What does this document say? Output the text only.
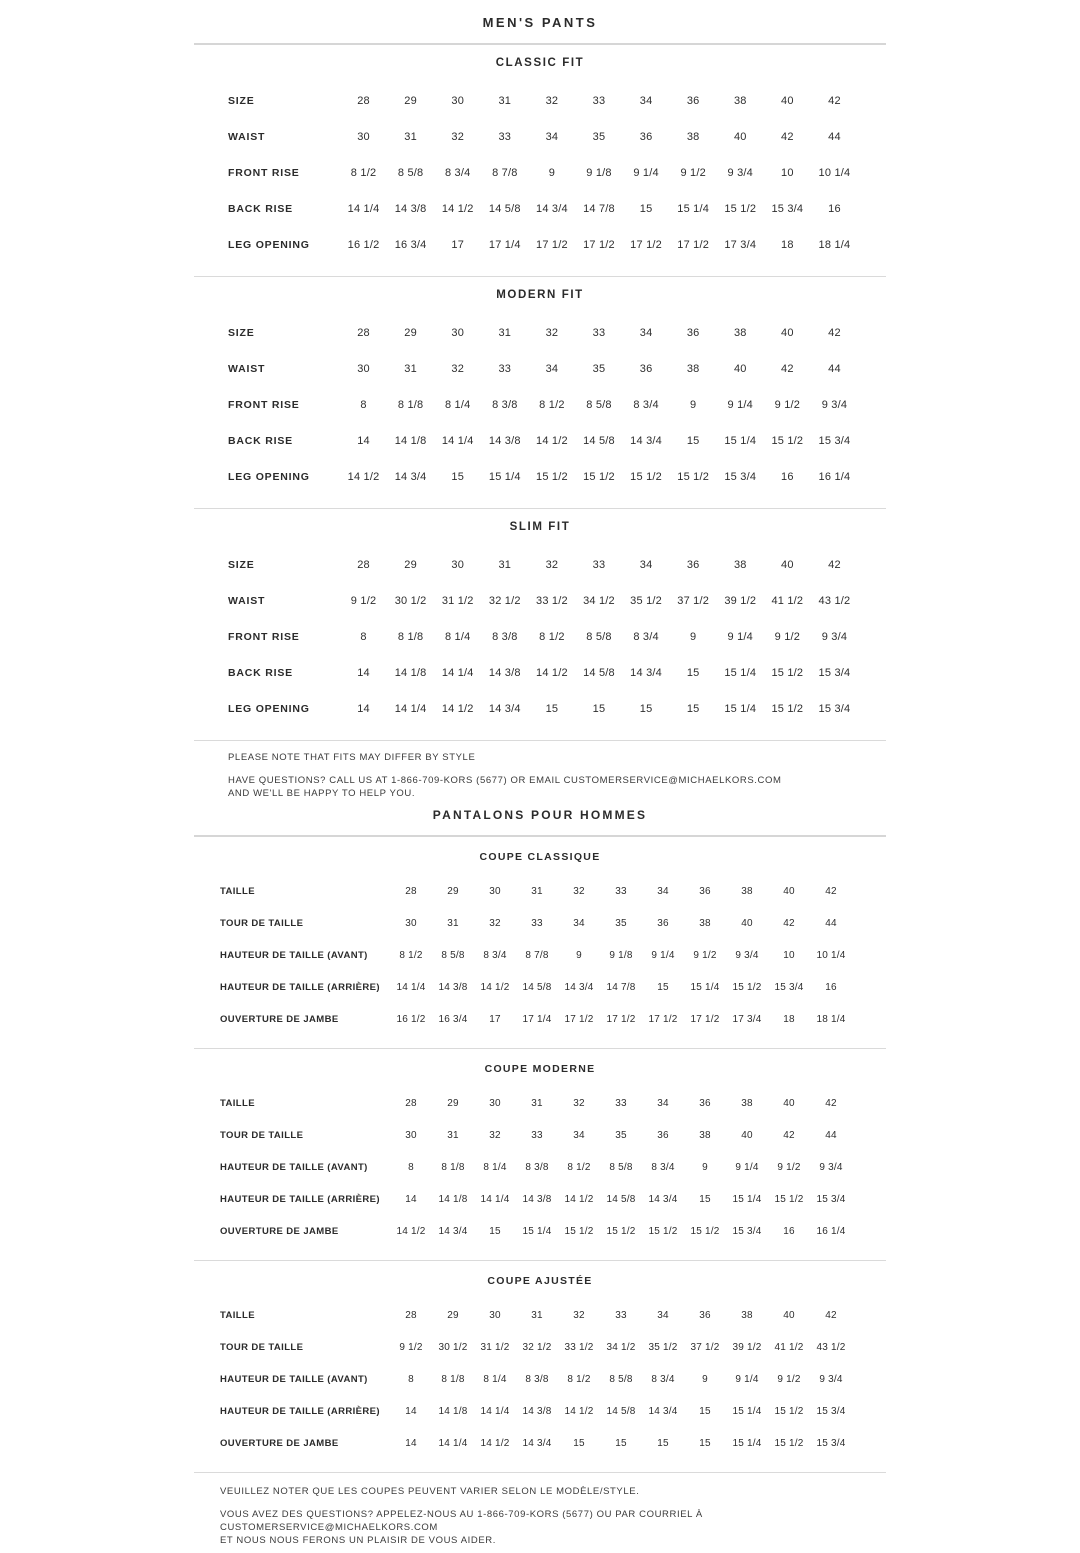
MEN'S PANTS
CLASSIC FIT
SIZE	28	29	30	31	32	33	34	36	38	40	42
WAIST	30	31	32	33	34	35	36	38	40	42	44
FRONT RISE	8 1/2	8 5/8	8 3/4	8 7/8	9	9 1/8	9 1/4	9 1/2	9 3/4	10	10 1/4
BACK RISE	14 1/4	14 3/8	14 1/2	14 5/8	14 3/4	14 7/8	15	15 1/4	15 1/2	15 3/4	16
LEG OPENING	16 1/2	16 3/4	17	17 1/4	17 1/2	17 1/2	17 1/2	17 1/2	17 3/4	18	18 1/4
MODERN FIT
SIZE	28	29	30	31	32	33	34	36	38	40	42
WAIST	30	31	32	33	34	35	36	38	40	42	44
FRONT RISE	8	8 1/8	8 1/4	8 3/8	8 1/2	8 5/8	8 3/4	9	9 1/4	9 1/2	9 3/4
BACK RISE	14	14 1/8	14 1/4	14 3/8	14 1/2	14 5/8	14 3/4	15	15 1/4	15 1/2	15 3/4
LEG OPENING	14 1/2	14 3/4	15	15 1/4	15 1/2	15 1/2	15 1/2	15 1/2	15 3/4	16	16 1/4
SLIM FIT
SIZE	28	29	30	31	32	33	34	36	38	40	42
WAIST	9 1/2	30 1/2	31 1/2	32 1/2	33 1/2	34 1/2	35 1/2	37 1/2	39 1/2	41 1/2	43 1/2
FRONT RISE	8	8 1/8	8 1/4	8 3/8	8 1/2	8 5/8	8 3/4	9	9 1/4	9 1/2	9 3/4
BACK RISE	14	14 1/8	14 1/4	14 3/8	14 1/2	14 5/8	14 3/4	15	15 1/4	15 1/2	15 3/4
LEG OPENING	14	14 1/4	14 1/2	14 3/4	15	15	15	15	15 1/4	15 1/2	15 3/4
PLEASE NOTE THAT FITS MAY DIFFER BY STYLE
HAVE QUESTIONS? CALL US AT 1-866-709-KORS (5677) OR EMAIL CUSTOMERSERVICE@MICHAELKORS.COM
AND WE'LL BE HAPPY TO HELP YOU.
PANTALONS POUR HOMMES
COUPE CLASSIQUE
TAILLE	28	29	30	31	32	33	34	36	38	40	42
TOUR DE TAILLE	30	31	32	33	34	35	36	38	40	42	44
HAUTEUR DE TAILLE (AVANT)	8 1/2	8 5/8	8 3/4	8 7/8	9	9 1/8	9 1/4	9 1/2	9 3/4	10	10 1/4
HAUTEUR DE TAILLE (ARRIÈRE)	14 1/4	14 3/8	14 1/2	14 5/8	14 3/4	14 7/8	15	15 1/4	15 1/2	15 3/4	16
OUVERTURE DE JAMBE	16 1/2	16 3/4	17	17 1/4	17 1/2	17 1/2	17 1/2	17 1/2	17 3/4	18	18 1/4
COUPE MODERNE
TAILLE	28	29	30	31	32	33	34	36	38	40	42
TOUR DE TAILLE	30	31	32	33	34	35	36	38	40	42	44
HAUTEUR DE TAILLE (AVANT)	8	8 1/8	8 1/4	8 3/8	8 1/2	8 5/8	8 3/4	9	9 1/4	9 1/2	9 3/4
HAUTEUR DE TAILLE (ARRIÈRE)	14	14 1/8	14 1/4	14 3/8	14 1/2	14 5/8	14 3/4	15	15 1/4	15 1/2	15 3/4
OUVERTURE DE JAMBE	14 1/2	14 3/4	15	15 1/4	15 1/2	15 1/2	15 1/2	15 1/2	15 3/4	16	16 1/4
COUPE AJUSTÉE
TAILLE	28	29	30	31	32	33	34	36	38	40	42
TOUR DE TAILLE	9 1/2	30 1/2	31 1/2	32 1/2	33 1/2	34 1/2	35 1/2	37 1/2	39 1/2	41 1/2	43 1/2
HAUTEUR DE TAILLE (AVANT)	8	8 1/8	8 1/4	8 3/8	8 1/2	8 5/8	8 3/4	9	9 1/4	9 1/2	9 3/4
HAUTEUR DE TAILLE (ARRIÈRE)	14	14 1/8	14 1/4	14 3/8	14 1/2	14 5/8	14 3/4	15	15 1/4	15 1/2	15 3/4
OUVERTURE DE JAMBE	14	14 1/4	14 1/2	14 3/4	15	15	15	15	15 1/4	15 1/2	15 3/4
VEUILLEZ NOTER QUE LES COUPES PEUVENT VARIER SELON LE MODÈLE/STYLE.
VOUS AVEZ DES QUESTIONS? APPELEZ-NOUS AU 1-866-709-KORS (5677) OU PAR COURRIEL À CUSTOMERSERVICE@MICHAELKORS.COM
ET NOUS NOUS FERONS UN PLAISIR DE VOUS AIDER.
